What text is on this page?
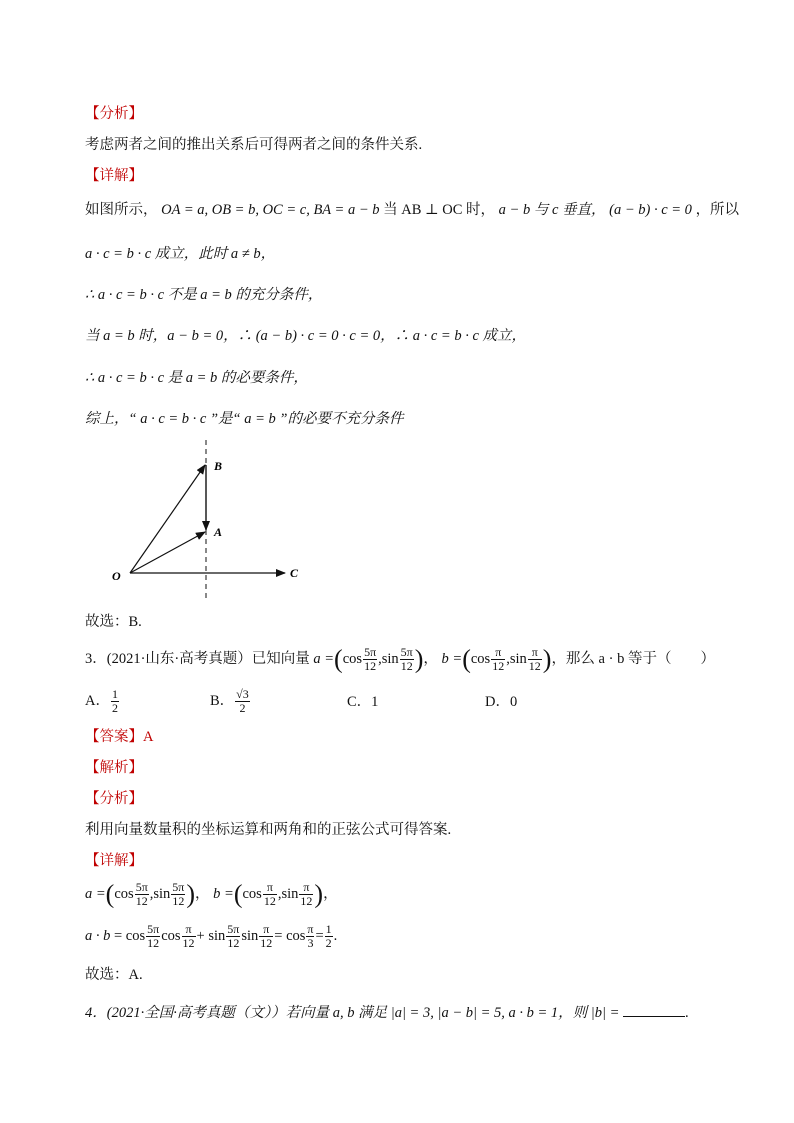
【分析】
考虑两者之间的推出关系后可得两者之间的条件关系.
【详解】
如图所示， OA = a, OB = b, OC = c, BA = a − b 当 AB ⊥ OC 时， a − b 与 c 垂直， (a − b) · c = 0 ，所以
a · c = b · c 成立，此时 a ≠ b，
∴ a · c = b · c 不是 a = b 的充分条件，
当 a = b 时，a − b = 0，∴ (a − b) · c = 0 · c = 0，∴ a · c = b · c 成立，
∴ a · c = b · c 是 a = b 的必要条件，
综上，“ a · c = b · c ”是“ a = b ”的必要不充分条件
O
A
B
C
故选：B.
3．(2021·山东·高考真题）已知向量 $a =(\cos \frac{5\pi}{12} ,\sin \frac{5\pi}{12}$ )， $b =(\cos \frac{\pi}{12} ,\sin \frac{\pi}{12}$ )，那么 a · b 等于（　　）
A． $\frac{1}{2}$	B． $\frac{√3}{2}$	C．1	D．0
【答案】A
【解析】
【分析】
利用向量数量积的坐标运算和两角和的正弦公式可得答案.
【详解】
$a =(\cos \frac{5\pi}{12} ,\sin \frac{5\pi}{12}$ )， $b =(\cos \frac{\pi}{12} ,\sin \frac{\pi}{12}$ )，
$a \cdot b = \cos \frac{5\pi}{12}$ $\cos \frac{\pi}{12} + \sin \frac{5\pi}{12}$ $\sin \frac{\pi}{12} = \cos \frac{\pi}{3} = \frac{1}{2}$ .
故选：A.
4．(2021·全国·高考真题（文））若向量 a, b 满足 |a| = 3, |a − b| = 5, a · b = 1，则 |b| =	.
